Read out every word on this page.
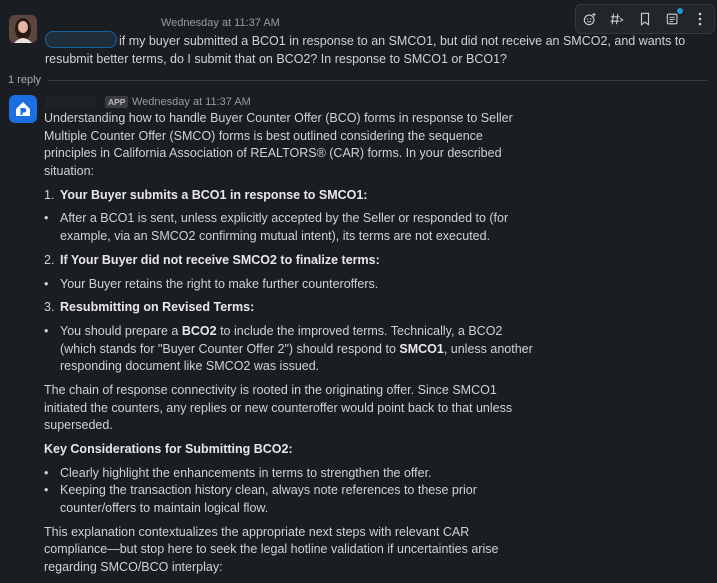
Wednesday at 11:37 AM
if my buyer submitted a BCO1 in response to an SMCO1, but did not receive an SMCO2, and wants to resubmit better terms, do I submit that on BCO2? In response to SMCO1 or BCO1?
1 reply
APP Wednesday at 11:37 AM

Understanding how to handle Buyer Counter Offer (BCO) forms in response to Seller Multiple Counter Offer (SMCO) forms is best outlined considering the sequence principles in California Association of REALTORS® (CAR) forms. In your described situation:

1. Your Buyer submits a BCO1 in response to SMCO1:

• After a BCO1 is sent, unless explicitly accepted by the Seller or responded to (for example, via an SMCO2 confirming mutual intent), its terms are not executed.

2. If Your Buyer did not receive SMCO2 to finalize terms:

• Your Buyer retains the right to make further counteroffers.

3. Resubmitting on Revised Terms:

• You should prepare a BCO2 to include the improved terms. Technically, a BCO2 (which stands for "Buyer Counter Offer 2") should respond to SMCO1, unless another responding document like SMCO2 was issued.

The chain of response connectivity is rooted in the originating offer. Since SMCO1 initiated the counters, any replies or new counteroffer would point back to that unless superseded.

Key Considerations for Submitting BCO2:

• Clearly highlight the enhancements in terms to strengthen the offer.

• Keeping the transaction history clean, always note references to these prior counter/offers to maintain logical flow.

This explanation contextualizes the appropriate next steps with relevant CAR compliance—but stop here to seek the legal hotline validation if uncertainties arise regarding SMCO/BCO interplay:
